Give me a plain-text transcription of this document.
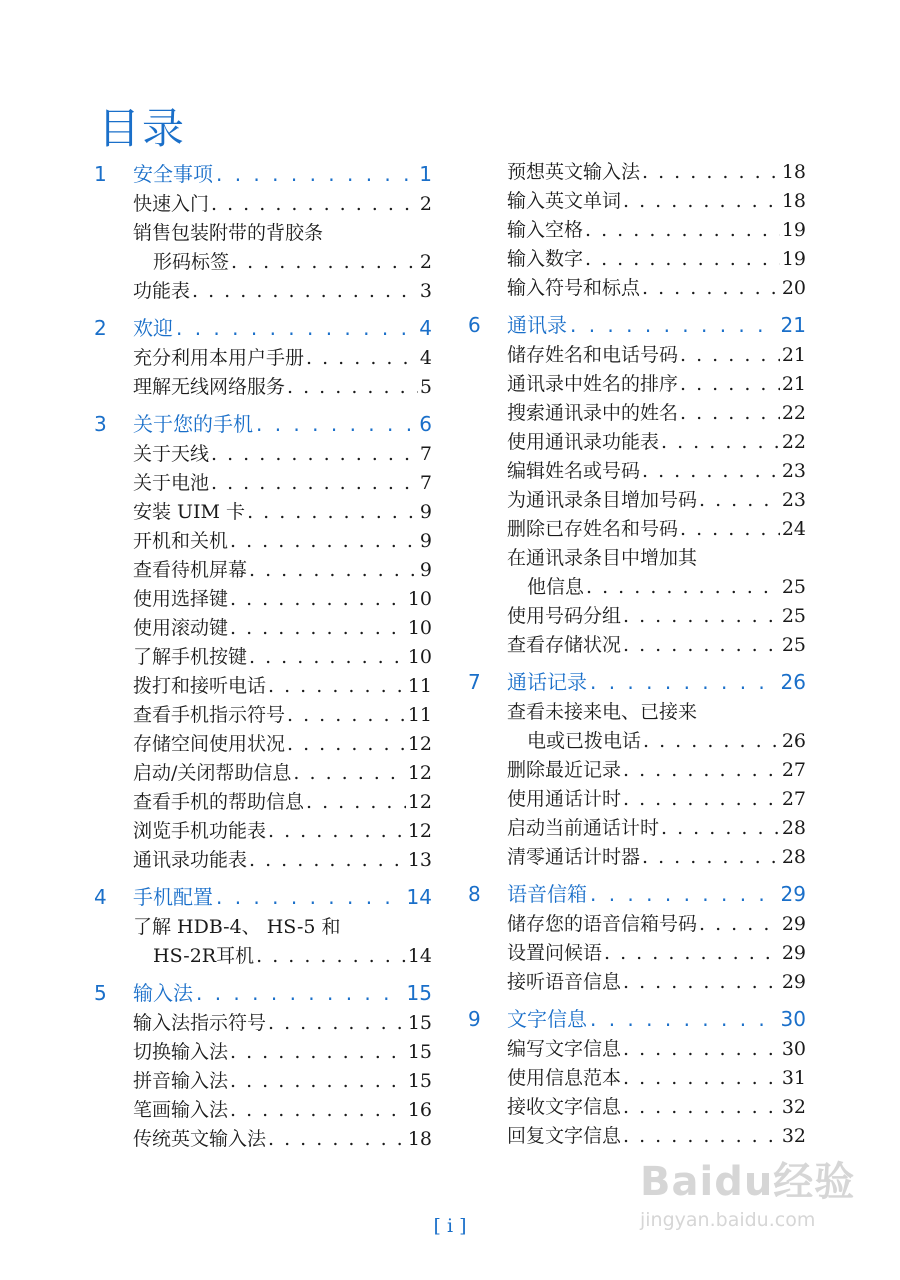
目录
1	安全事项 . . .	1
快速入门 . . .	2
销售包装附带的背胶条
形码标签 . . .	2
功能表 . . .	3
2	欢迎 . . .	4
充分利用本用户手册 . . .	4
理解无线网络服务 . . .	5
3	关于您的手机 . . .	6
关于天线 . . .	7
关于电池 . . .	7
安装 UIM 卡 . . .	9
开机和关机 . . .	9
查看待机屏幕 . . .	9
使用选择键 . . .	10
使用滚动键 . . .	10
了解手机按键 . . .	10
拨打和接听电话 . . .	11
查看手机指示符号 . . .	11
存储空间使用状况 . . .	12
启动/关闭帮助信息 . . .	12
查看手机的帮助信息 . . .	12
浏览手机功能表 . . .	12
通讯录功能表 . . .	13
4	手机配置 . . .	14
了解 HDB-4、 HS-5 和
HS-2R耳机 . . .	14
5	输入法 . . .	15
输入法指示符号 . . .	15
切换输入法 . . .	15
拼音输入法 . . .	15
笔画输入法 . . .	16
传统英文输入法 . . .	18
预想英文输入法 . . .	18
输入英文单词 . . .	18
输入空格 . . .	19
输入数字 . . .	19
输入符号和标点 . . .	20
6	通讯录 . . .	21
储存姓名和电话号码 . . .	21
通讯录中姓名的排序 . . .	21
搜索通讯录中的姓名 . . .	22
使用通讯录功能表 . . .	22
编辑姓名或号码 . . .	23
为通讯录条目增加号码 . . .	23
删除已存姓名和号码 . . .	24
在通讯录条目中增加其
他信息 . . .	25
使用号码分组 . . .	25
查看存储状况 . . .	25
7	通话记录 . . .	26
查看未接来电、已接来
电或已拨电话 . . .	26
删除最近记录 . . .	27
使用通话计时 . . .	27
启动当前通话计时 . . .	28
清零通话计时器 . . .	28
8	语音信箱 . . .	29
储存您的语音信箱号码 . . .	29
设置问候语 . . .	29
接听语音信息 . . .	29
9	文字信息 . . .	30
编写文字信息 . . .	30
使用信息范本 . . .	31
接收文字信息 . . .	32
回复文字信息 . . .	32
Baidu经验
jingyan.baidu.com
[ i ]
